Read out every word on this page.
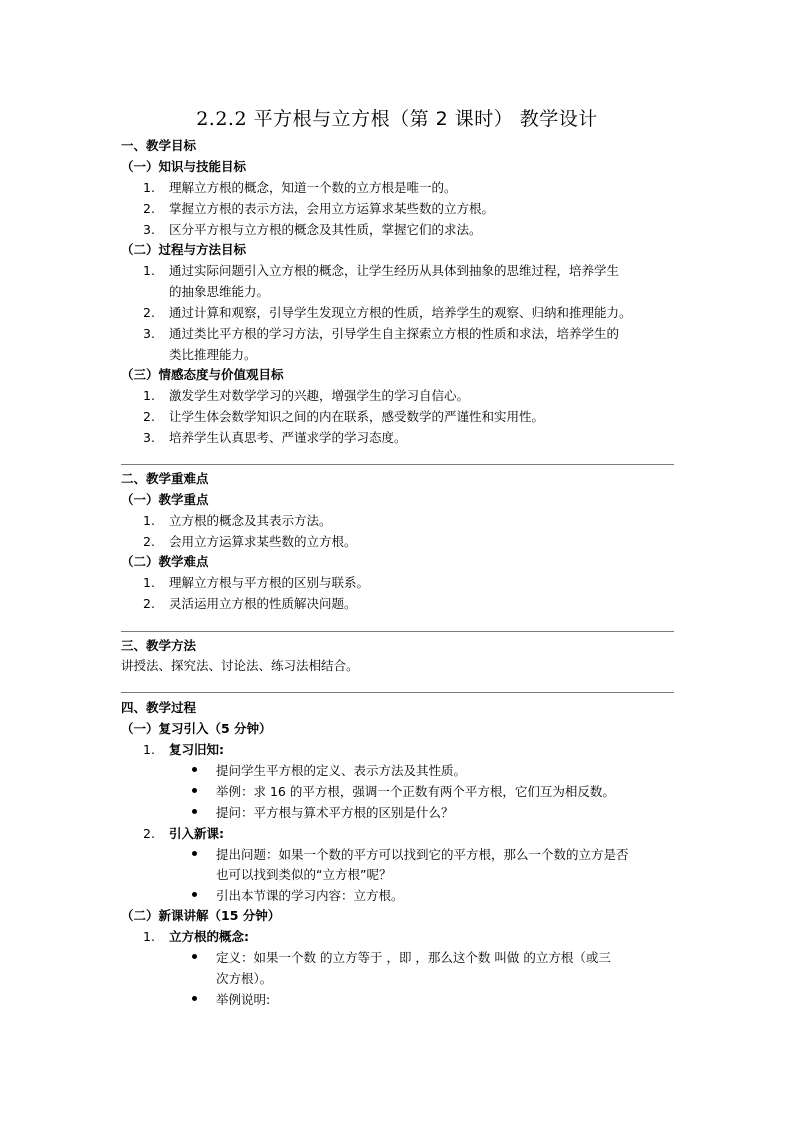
2.2.2 平方根与立方根（第 2 课时） 教学设计
一、教学目标
（一）知识与技能目标
1.	理解立方根的概念，知道一个数的立方根是唯一的。
2.	掌握立方根的表示方法，会用立方运算求某些数的立方根。
3.	区分平方根与立方根的概念及其性质，掌握它们的求法。
（二）过程与方法目标
1.	通过实际问题引入立方根的概念，让学生经历从具体到抽象的思维过程，培养学生
的抽象思维能力。
2.	通过计算和观察，引导学生发现立方根的性质，培养学生的观察、归纳和推理能力。
3.	通过类比平方根的学习方法，引导学生自主探索立方根的性质和求法，培养学生的
类比推理能力。
（三）情感态度与价值观目标
1.	激发学生对数学学习的兴趣，增强学生的学习自信心。
2.	让学生体会数学知识之间的内在联系，感受数学的严谨性和实用性。
3.	培养学生认真思考、严谨求学的学习态度。
二、教学重难点
（一）教学重点
1.	立方根的概念及其表示方法。
2.	会用立方运算求某些数的立方根。
（二）教学难点
1.	理解立方根与平方根的区别与联系。
2.	灵活运用立方根的性质解决问题。
三、教学方法
讲授法、探究法、讨论法、练习法相结合。
四、教学过程
（一）复习引入（5 分钟）
1.	复习旧知:
提问学生平方根的定义、表示方法及其性质。
举例：求 16 的平方根，强调一个正数有两个平方根，它们互为相反数。
提问：平方根与算术平方根的区别是什么？
2.	引入新课:
提出问题：如果一个数的平方可以找到它的平方根，那么一个数的立方是否
也可以找到类似的“立方根”呢？
引出本节课的学习内容：立方根。
（二）新课讲解（15 分钟）
1.	立方根的概念:
定义：如果一个数 的立方等于 ，即 ，那么这个数 叫做 的立方根（或三
次方根）。
举例说明:
